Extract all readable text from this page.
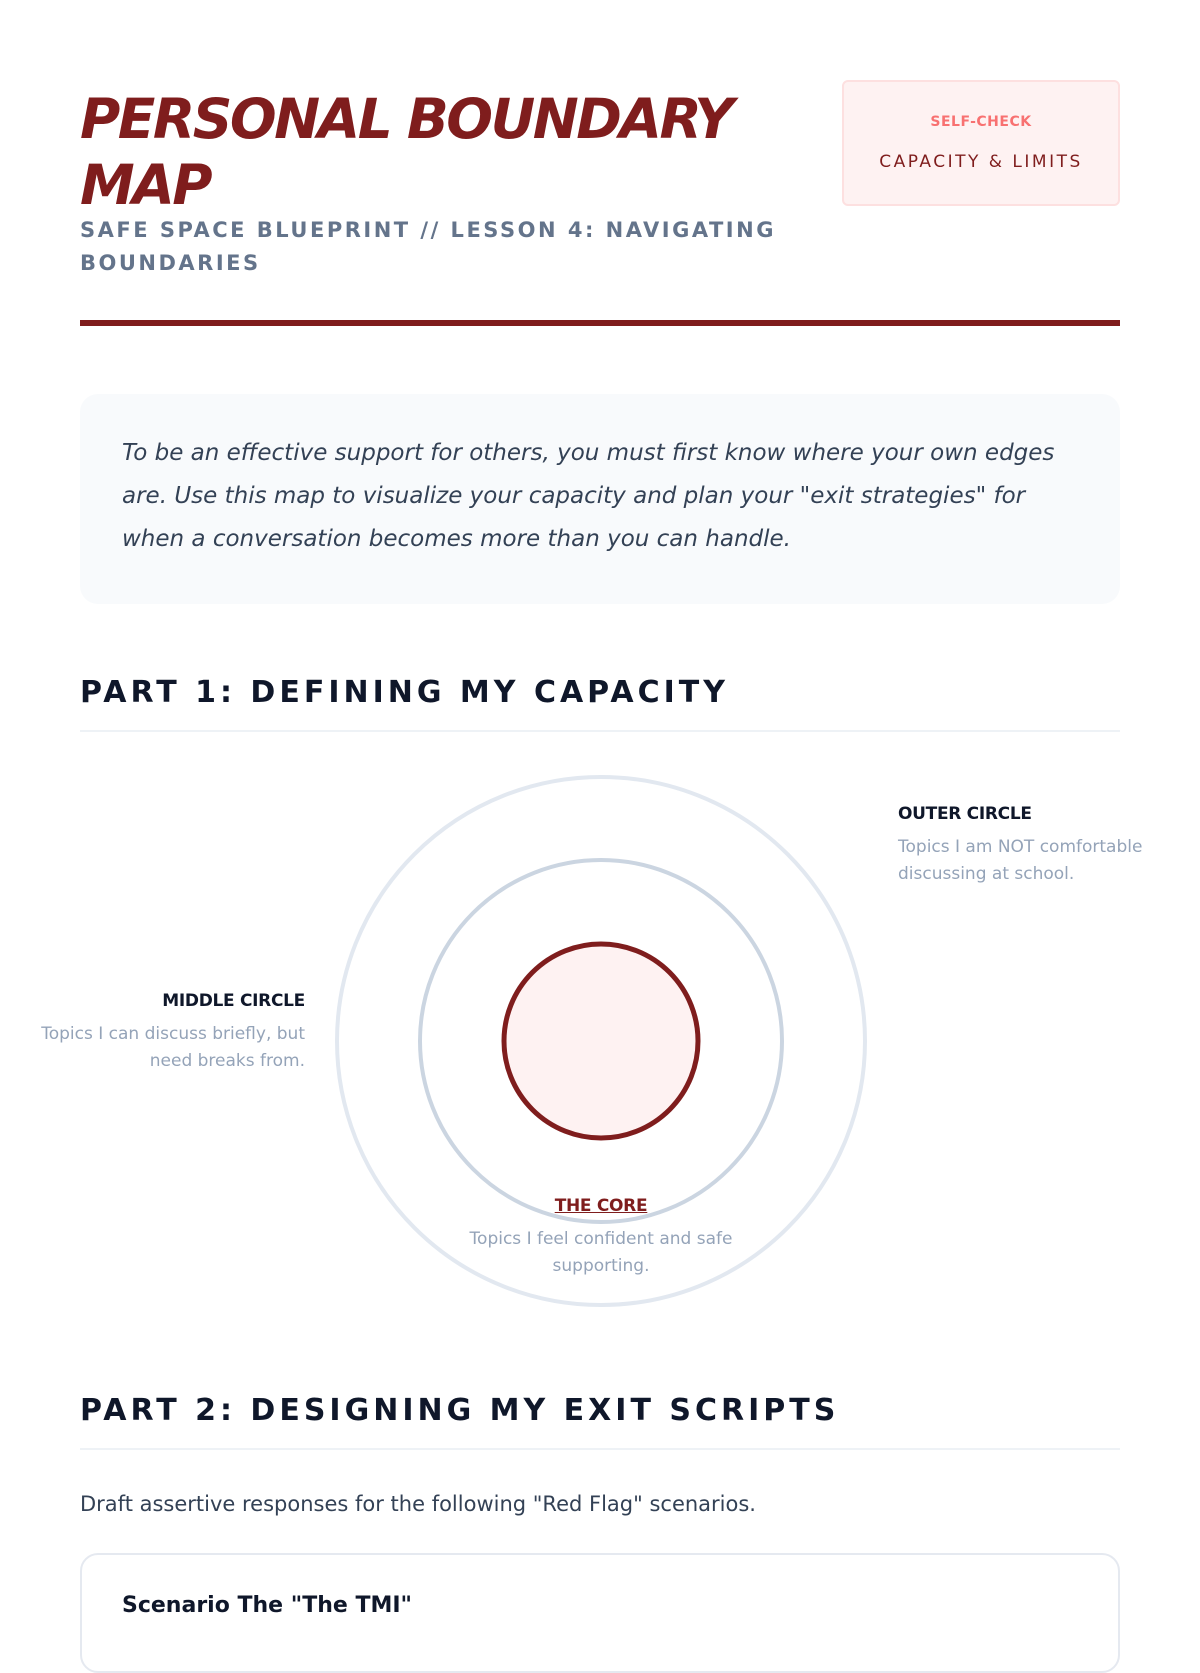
PERSONAL BOUNDARY MAP

SAFE SPACE BLUEPRINT // LESSON 4: NAVIGATING BOUNDARIES

SELF-CHECK
CAPACITY & LIMITS

To be an effective support for others, you must first know where your own edges are. Use this map to visualize your capacity and plan your "exit strategies" for when a conversation becomes more than you can handle.

PART 1: DEFINING MY CAPACITY
OUTER CIRCLE
Topics I am NOT comfortable discussing at school.
MIDDLE CIRCLE
Topics I can discuss briefly, but need breaks from.
THE CORE
Topics I feel confident and safe supporting.
PART 2: DESIGNING MY EXIT SCRIPTS

Draft assertive responses for the following "Red Flag" scenarios.

Scenario The "The TMI"
